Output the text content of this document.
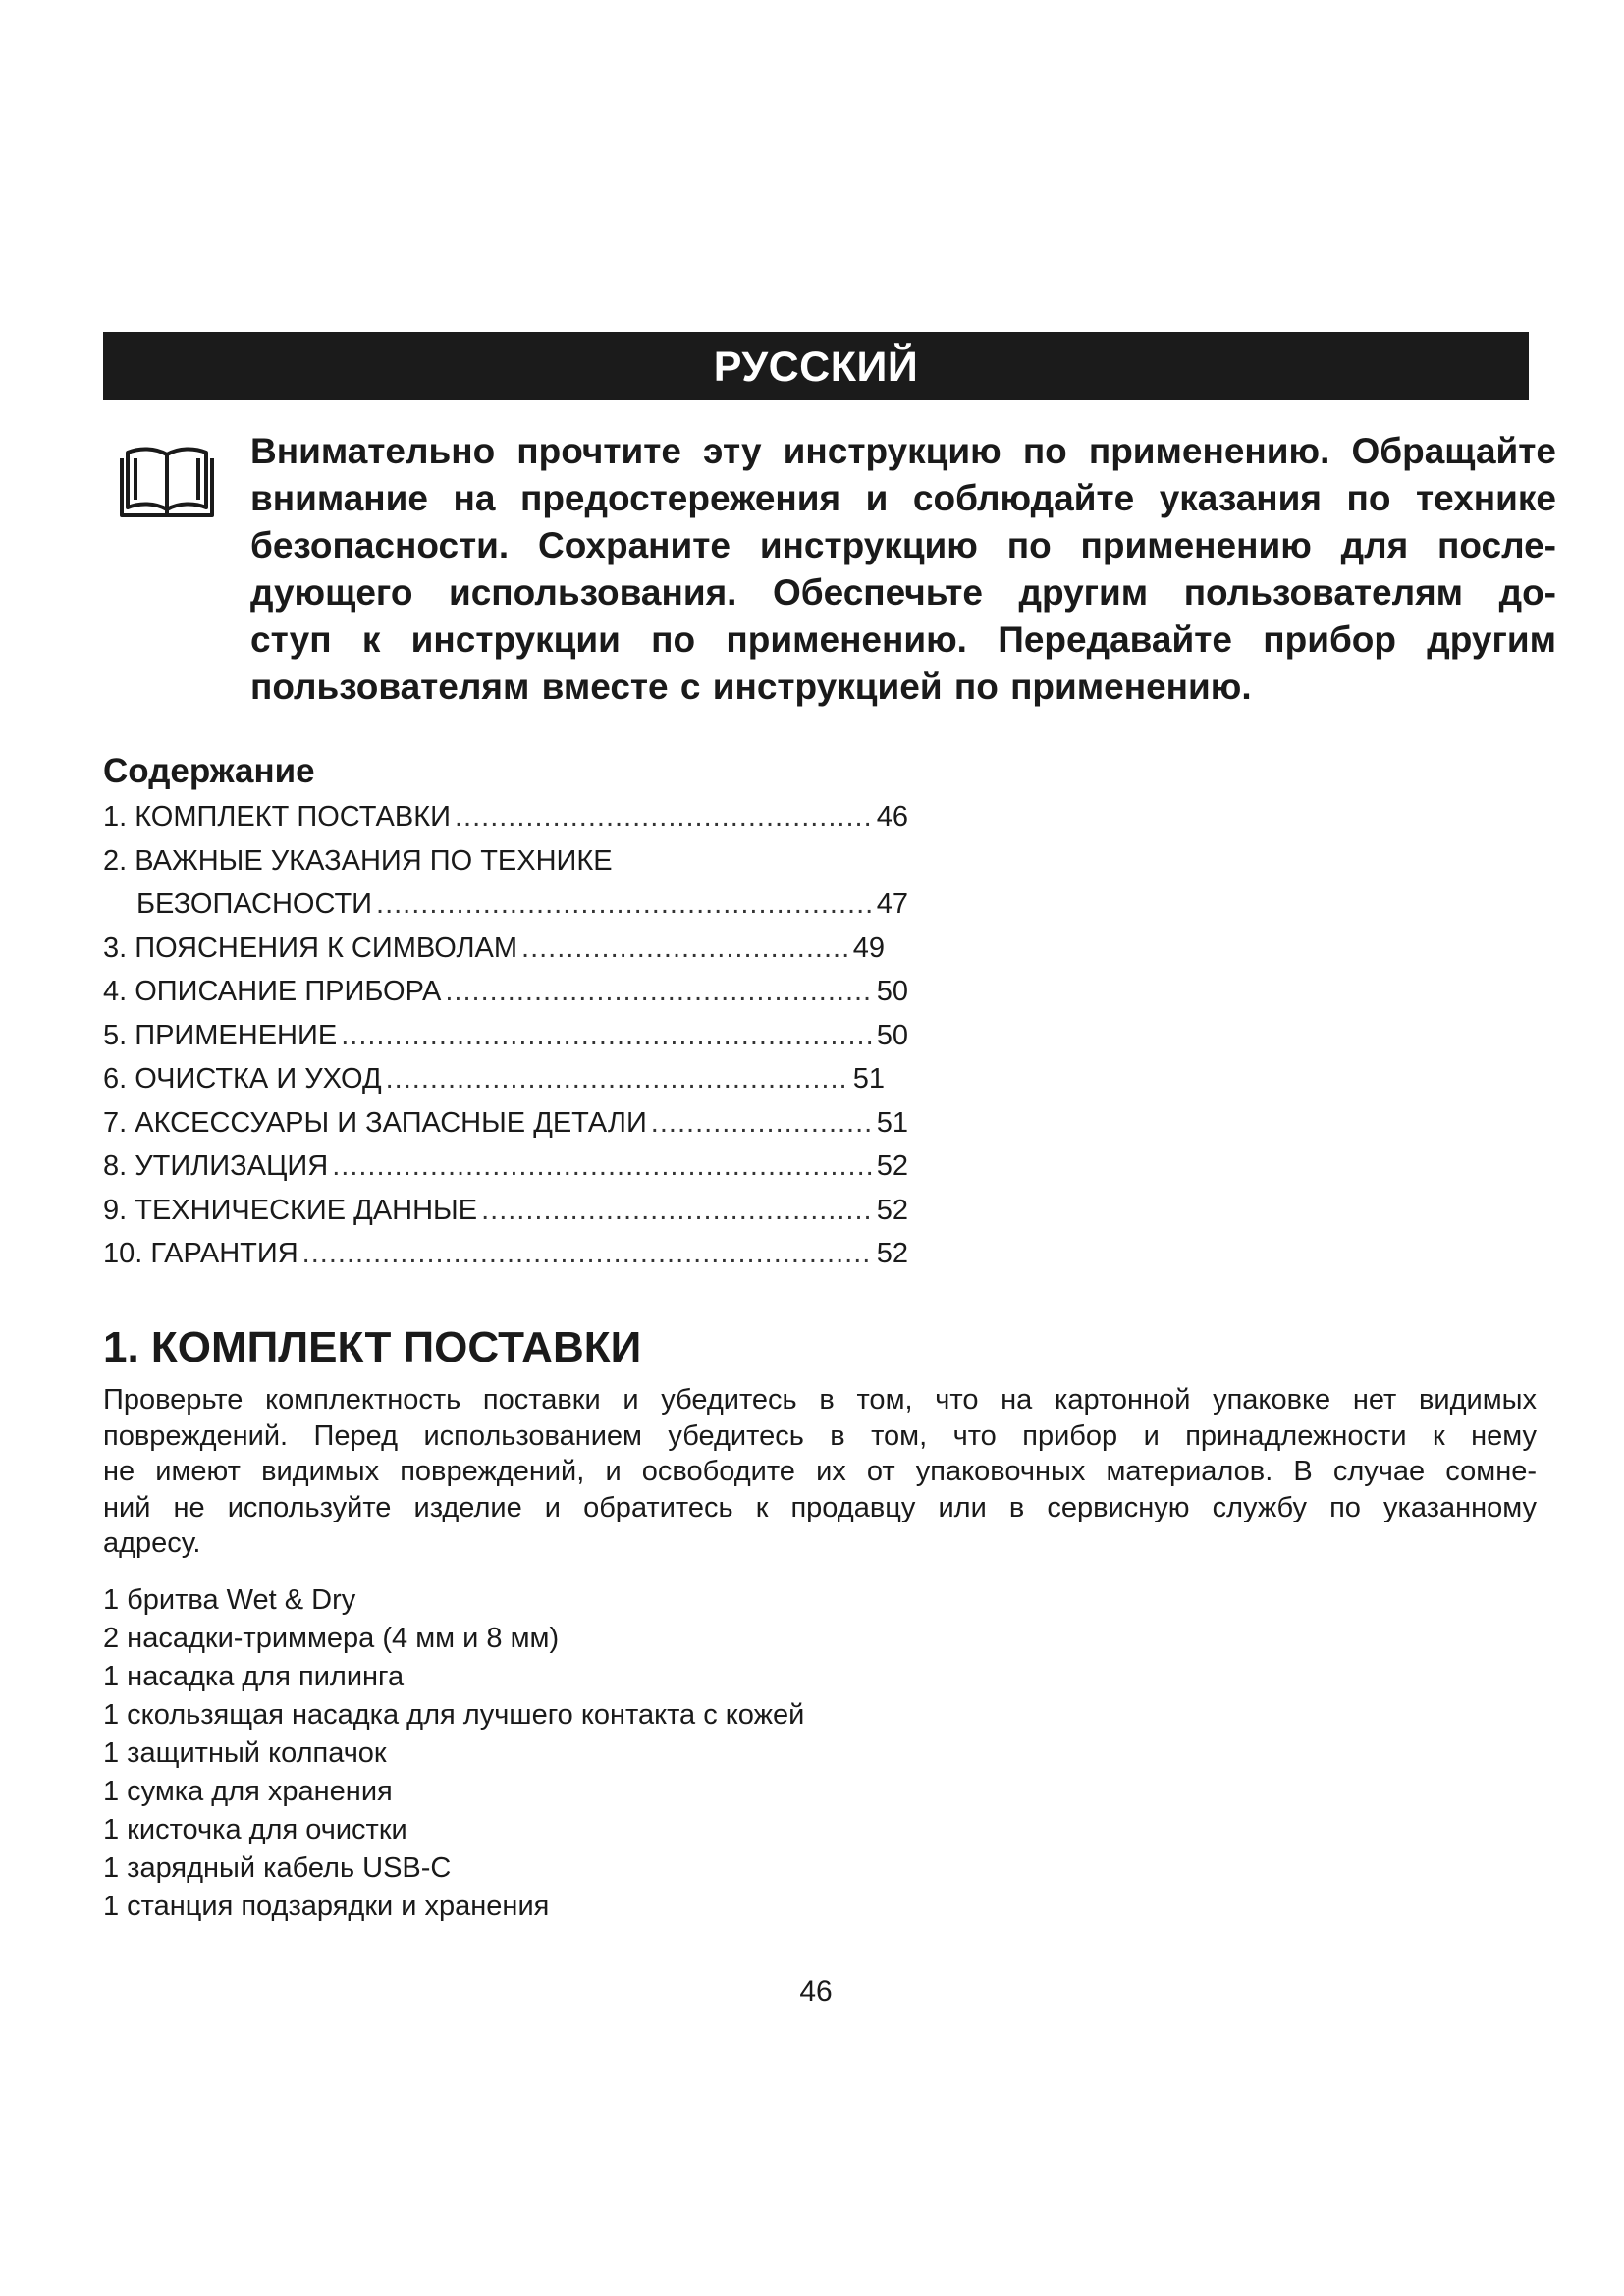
РУССКИЙ
Внимательно прочтите эту инструкцию по применению. Обращайте
внимание на предостережения и соблюдайте указания по технике
безопасности. Сохраните инструкцию по применению для после-
дующего использования. Обеспечьте другим пользователям до-
ступ к инструкции по применению. Передавайте прибор другим
пользователям вместе с инструкцией по применению.
Содержание
1. КОМПЛЕКТ ПОСТАВКИ .....	46
2. ВАЖНЫЕ УКАЗАНИЯ ПО ТЕХНИКЕ
БЕЗОПАСНОСТИ .....	47
3. ПОЯСНЕНИЯ К СИМВОЛАМ .....	49
4. ОПИСАНИЕ ПРИБОРА .....	50
5. ПРИМЕНЕНИЕ .....	50
6. ОЧИСТКА И УХОД .....	51
7. АКСЕССУАРЫ И ЗАПАСНЫЕ ДЕТАЛИ .....	51
8. УТИЛИЗАЦИЯ .....	52
9. ТЕХНИЧЕСКИЕ ДАННЫЕ .....	52
10. ГАРАНТИЯ .....	52
1. КОМПЛЕКТ ПОСТАВКИ

Проверьте комплектность поставки и убедитесь в том, что на картонной упаковке нет видимых
повреждений. Перед использованием убедитесь в том, что прибор и принадлежности к нему
не имеют видимых повреждений, и освободите их от упаковочных материалов. В случае сомне-
ний не используйте изделие и обратитесь к продавцу или в сервисную службу по указанному
адресу.

1 бритва Wet & Dry
2 насадки-триммера (4 мм и 8 мм)
1 насадка для пилинга
1 скользящая насадка для лучшего контакта с кожей
1 защитный колпачок
1 сумка для хранения
1 кисточка для очистки
1 зарядный кабель USB-C
1 станция подзарядки и хранения
46
